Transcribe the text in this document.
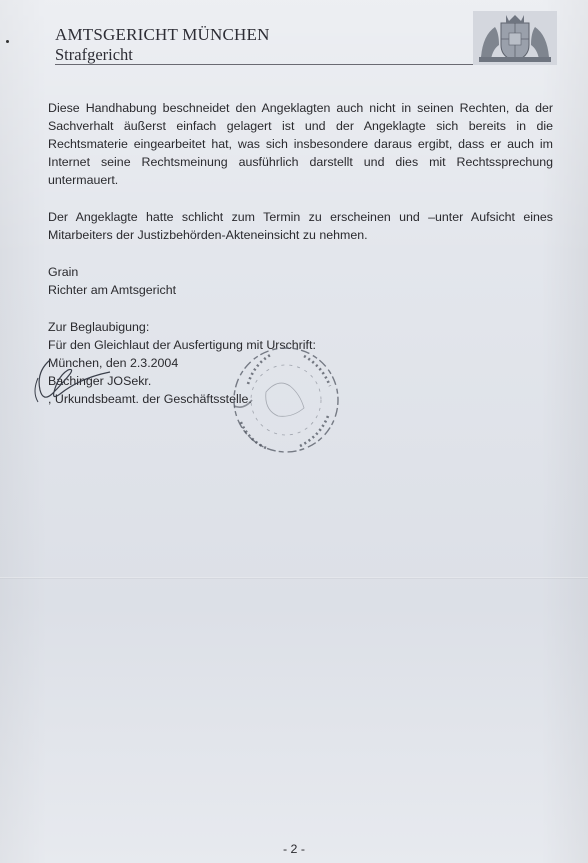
AMTSGERICHT MÜNCHEN
Strafgericht

Diese Handhabung beschneidet den Angeklagten auch nicht in seinen Rechten, da der Sachverhalt äußerst einfach gelagert ist und der Angeklagte sich bereits in die Rechtsmaterie eingearbeitet hat, was sich insbesondere daraus ergibt, dass er auch im Internet seine Rechtsmeinung ausführlich darstellt und dies mit Rechtssprechung untermauert.

Der Angeklagte hatte schlicht zum Termin zu erscheinen und –unter Aufsicht eines Mitarbeiters der Justizbehörden-Akteneinsicht zu nehmen.

Grain
Richter am Amtsgericht
Zur Beglaubigung:
Für den Gleichlaut der Ausfertigung mit Urschrift:
München, den 2.3.2004
Bachinger JOSekr.
, Urkundsbeamt. der Geschäftsstelle.
- 2 -
